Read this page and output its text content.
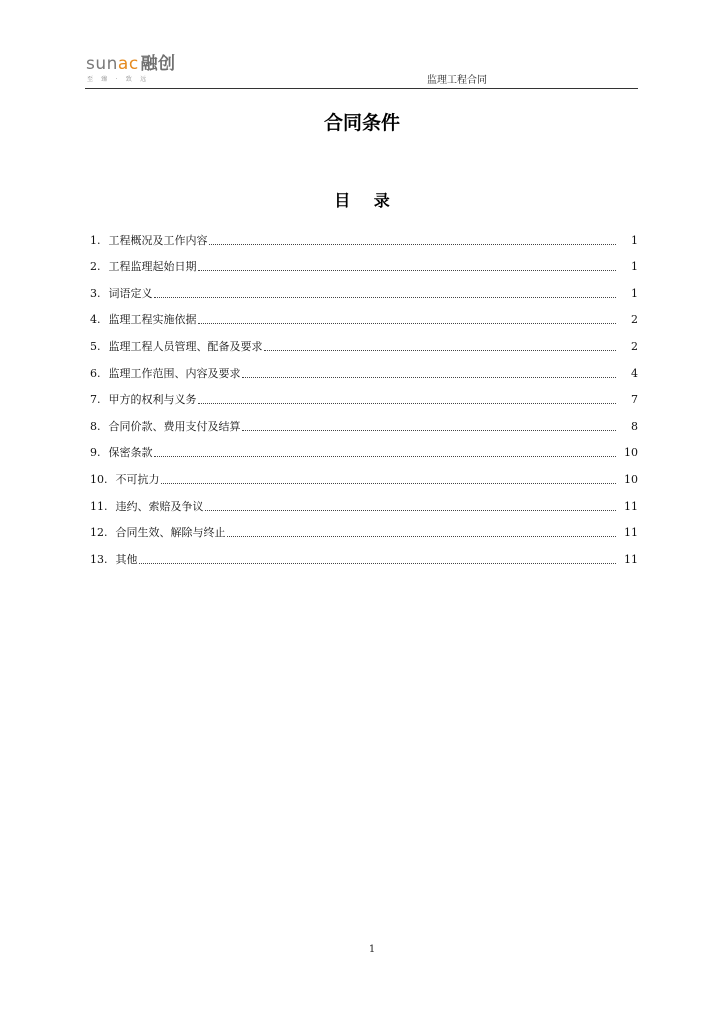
sunac 融创
至 臻 · 致 远	监理工程合同
合同条件
目 录
1. 工程概况及工作内容	1
2. 工程监理起始日期	1
3. 词语定义	1
4. 监理工程实施依据	2
5. 监理工程人员管理、配备及要求	2
6. 监理工作范围、内容及要求	4
7. 甲方的权利与义务	7
8. 合同价款、费用支付及结算	8
9. 保密条款	10
10. 不可抗力	10
11. 违约、索赔及争议	11
12. 合同生效、解除与终止	11
13. 其他	11
1
